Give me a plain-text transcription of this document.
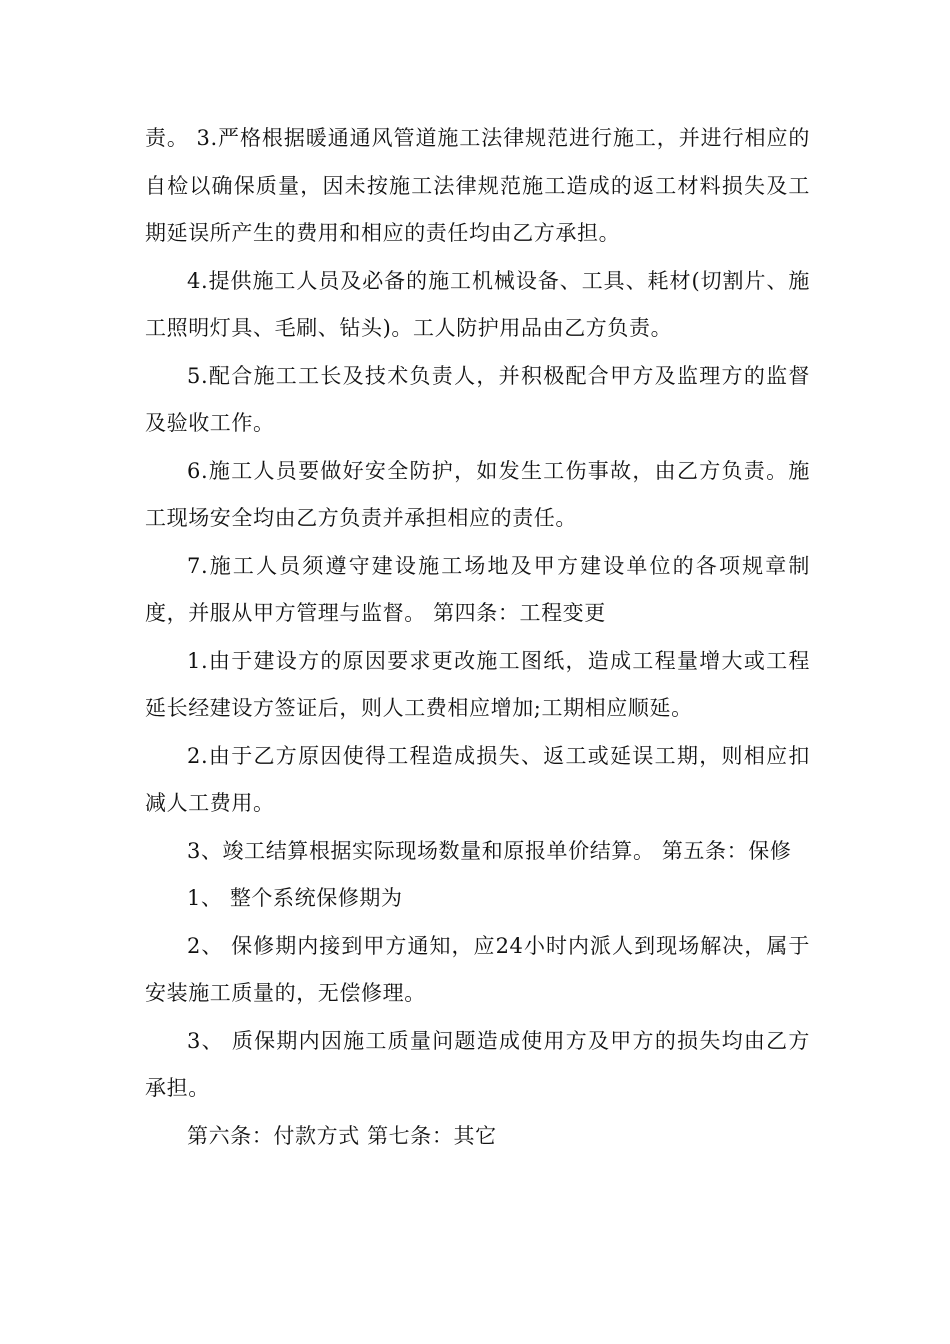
责。 3.严格根据暖通通风管道施工法律规范进行施工，并进行相应的自检以确保质量，因未按施工法律规范施工造成的返工材料损失及工期延误所产生的费用和相应的责任均由乙方承担。

4.提供施工人员及必备的施工机械设备、工具、耗材(切割片、施工照明灯具、毛刷、钻头)。工人防护用品由乙方负责。

5.配合施工工长及技术负责人，并积极配合甲方及监理方的监督及验收工作。

6.施工人员要做好安全防护，如发生工伤事故，由乙方负责。施工现场安全均由乙方负责并承担相应的责任。

7.施工人员须遵守建设施工场地及甲方建设单位的各项规章制度，并服从甲方管理与监督。 第四条：工程变更

1.由于建设方的原因要求更改施工图纸，造成工程量增大或工程延长经建设方签证后，则人工费相应增加;工期相应顺延。

2.由于乙方原因使得工程造成损失、返工或延误工期，则相应扣减人工费用。

3、竣工结算根据实际现场数量和原报单价结算。 第五条：保修

1、 整个系统保修期为

2、 保修期内接到甲方通知，应24小时内派人到现场解决，属于安装施工质量的，无偿修理。

3、 质保期内因施工质量问题造成使用方及甲方的损失均由乙方承担。

第六条：付款方式 第七条：其它
